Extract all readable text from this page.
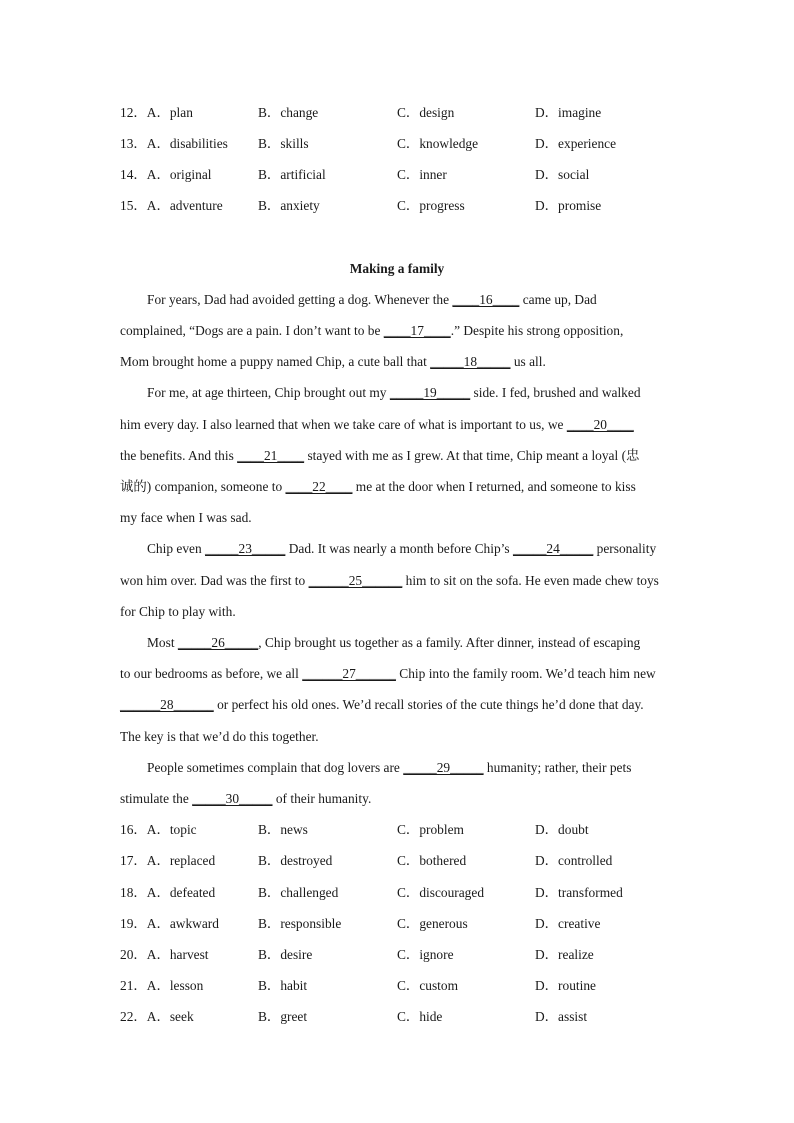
12．A．plan	B．change	C．design	D．imagine
13．A．disabilities B．skills	C．knowledge	D．experience
14．A．original	B．artificial	C．inner	D．social
15．A．adventure	B．anxiety	C．progress	D．promise
Making a family
For years, Dad had avoided getting a dog. Whenever the ____16____ came up, Dad
complained, “Dogs are a pain. I don’t want to be ____17____.” Despite his strong opposition,
Mom brought home a puppy named Chip, a cute ball that _____18_____ us all.
For me, at age thirteen, Chip brought out my _____19_____ side. I fed, brushed and walked
him every day. I also learned that when we take care of what is important to us, we ____20____
the benefits. And this ____21____ stayed with me as I grew. At that time, Chip meant a loyal (忠
诚的) companion, someone to ____22____ me at the door when I returned, and someone to kiss
my face when I was sad.
Chip even _____23_____ Dad. It was nearly a month before Chip’s _____24_____ personality
won him over. Dad was the first to ______25______ him to sit on the sofa. He even made chew toys
for Chip to play with.
Most _____26_____, Chip brought us together as a family. After dinner, instead of escaping
to our bedrooms as before, we all ______27______ Chip into the family room. We’d teach him new
______28______ or perfect his old ones. We’d recall stories of the cute things he’d done that day.
The key is that we’d do this together.
People sometimes complain that dog lovers are _____29_____ humanity; rather, their pets
stimulate the _____30_____ of their humanity.
16．A．topic	B．news	C．problem	D．doubt
17．A．replaced	B．destroyed	C．bothered	D．controlled
18．A．defeated	B．challenged	C．discouraged	D．transformed
19．A．awkward	B．responsible	C．generous	D．creative
20．A．harvest	B．desire	C．ignore	D．realize
21．A．lesson	B．habit	C．custom	D．routine
22．A．seek	B．greet	C．hide	D．assist
